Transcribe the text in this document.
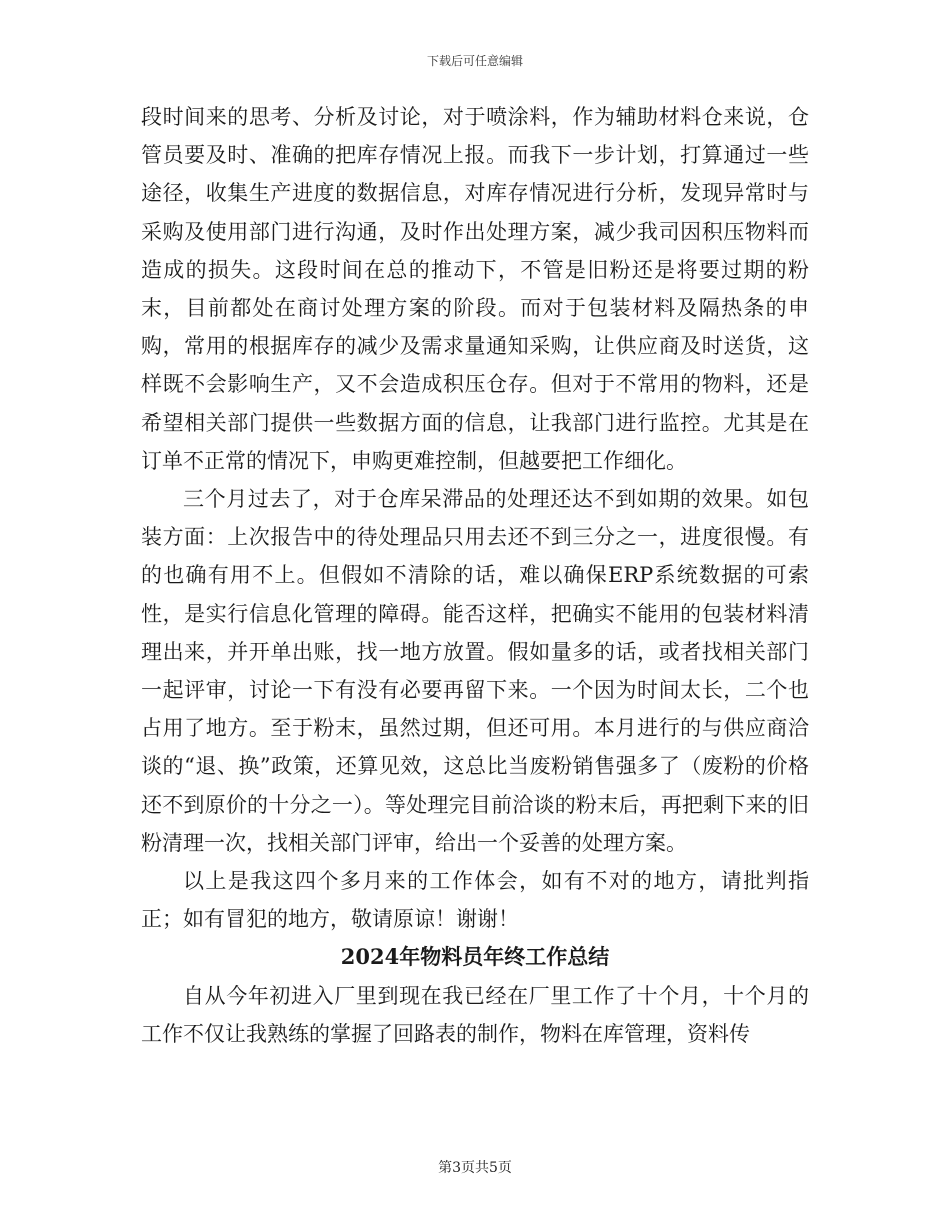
下载后可任意编辑

段时间来的思考、分析及讨论，对于喷涂料，作为辅助材料仓来说，仓管员要及时、准确的把库存情况上报。而我下一步计划，打算通过一些途径，收集生产进度的数据信息，对库存情况进行分析，发现异常时与采购及使用部门进行沟通，及时作出处理方案，减少我司因积压物料而造成的损失。这段时间在总的推动下，不管是旧粉还是将要过期的粉末，目前都处在商讨处理方案的阶段。而对于包装材料及隔热条的申购，常用的根据库存的减少及需求量通知采购，让供应商及时送货，这样既不会影响生产，又不会造成积压仓存。但对于不常用的物料，还是希望相关部门提供一些数据方面的信息，让我部门进行监控。尤其是在订单不正常的情况下，申购更难控制，但越要把工作细化。

三个月过去了，对于仓库呆滞品的处理还达不到如期的效果。如包装方面：上次报告中的待处理品只用去还不到三分之一，进度很慢。有的也确有用不上。但假如不清除的话，难以确保ERP系统数据的可索性，是实行信息化管理的障碍。能否这样，把确实不能用的包装材料清理出来，并开单出账，找一地方放置。假如量多的话，或者找相关部门一起评审，讨论一下有没有必要再留下来。一个因为时间太长，二个也占用了地方。至于粉末，虽然过期，但还可用。本月进行的与供应商洽谈的“退、换”政策，还算见效，这总比当废粉销售强多了（废粉的价格还不到原价的十分之一）。等处理完目前洽谈的粉末后，再把剩下来的旧粉清理一次，找相关部门评审，给出一个妥善的处理方案。

以上是我这四个多月来的工作体会，如有不对的地方，请批判指正；如有冒犯的地方，敬请原谅！谢谢！

2024年物料员年终工作总结

自从今年初进入厂里到现在我已经在厂里工作了十个月，十个月的工作不仅让我熟练的掌握了回路表的制作，物料在库管理，资料传

第3页共5页
